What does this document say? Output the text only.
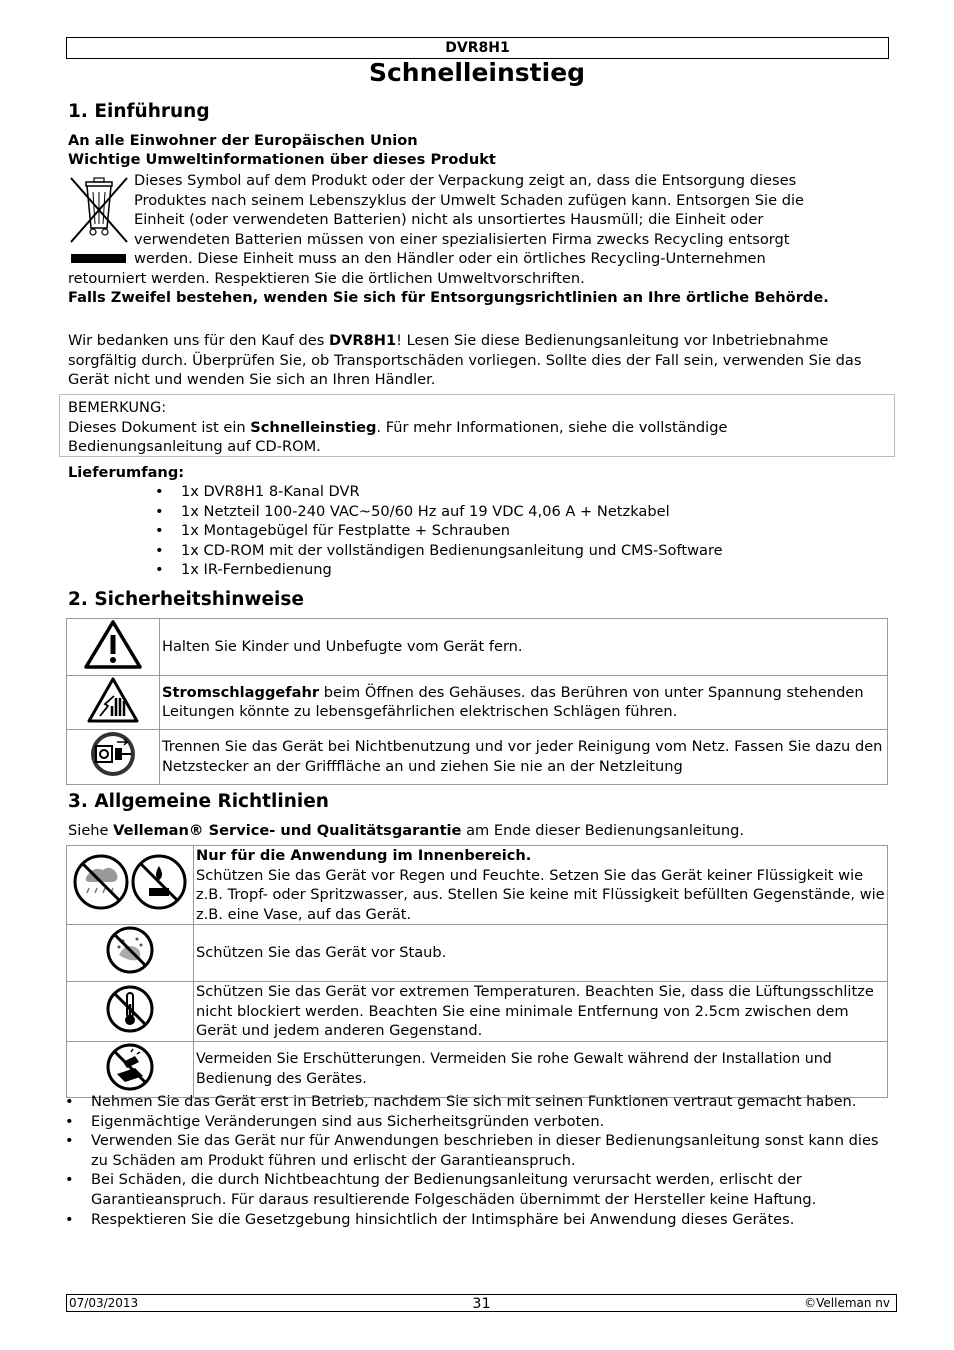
DVR8H1
Schnelleinstieg
1. Einführung

An alle Einwohner der Europäischen Union

Wichtige Umweltinformationen über dieses Produkt

Dieses Symbol auf dem Produkt oder der Verpackung zeigt an, dass die Entsorgung dieses

Produktes nach seinem Lebenszyklus der Umwelt Schaden zufügen kann. Entsorgen Sie die

Einheit (oder verwendeten Batterien) nicht als unsortiertes Hausmüll; die Einheit oder

verwendeten Batterien müssen von einer spezialisierten Firma zwecks Recycling entsorgt

werden. Diese Einheit muss an den Händler oder ein örtliches Recycling-Unternehmen

retourniert werden. Respektieren Sie die örtlichen Umweltvorschriften.

Falls Zweifel bestehen, wenden Sie sich für Entsorgungsrichtlinien an Ihre örtliche Behörde.

Wir bedanken uns für den Kauf des DVR8H1! Lesen Sie diese Bedienungsanleitung vor Inbetriebnahme sorgfältig durch. Überprüfen Sie, ob Transportschäden vorliegen. Sollte dies der Fall sein, verwenden Sie das Gerät nicht und wenden Sie sich an Ihren Händler.

BEMERKUNG:

Dieses Dokument ist ein Schnelleinstieg. Für mehr Informationen, siehe die vollständige Bedienungsanleitung auf CD-ROM.

Lieferumfang:

• 1x DVR8H1 8-Kanal DVR
• 1x Netzteil 100-240 VAC~50/60 Hz auf 19 VDC 4,06 A + Netzkabel
• 1x Montagebügel für Festplatte + Schrauben
• 1x CD-ROM mit der vollständigen Bedienungsanleitung und CMS-Software
• 1x IR-Fernbedienung
2. Sicherheitshinweise
	Halten Sie Kinder und Unbefugte vom Gerät fern.
	Stromschlaggefahr beim Öffnen des Gehäuses. das Berühren von unter Spannung stehenden Leitungen könnte zu lebensgefährlichen elektrischen Schlägen führen.
	Trennen Sie das Gerät bei Nichtbenutzung und vor jeder Reinigung vom Netz. Fassen Sie dazu den Netzstecker an der Grifffläche an und ziehen Sie nie an der Netzleitung
3. Allgemeine Richtlinien

Siehe Velleman® Service- und Qualitätsgarantie am Ende dieser Bedienungsanleitung.

	Nur für die Anwendung im Innenbereich.
Schützen Sie das Gerät vor Regen und Feuchte. Setzen Sie das Gerät keiner Flüssigkeit wie z.B. Tropf- oder Spritzwasser, aus. Stellen Sie keine mit Flüssigkeit befüllten Gegenstände, wie z.B. eine Vase, auf das Gerät.
	Schützen Sie das Gerät vor Staub.
	Schützen Sie das Gerät vor extremen Temperaturen. Beachten Sie, dass die Lüftungsschlitze nicht blockiert werden. Beachten Sie eine minimale Entfernung von 2.5cm zwischen dem Gerät und jedem anderen Gegenstand.
	Vermeiden Sie Erschütterungen. Vermeiden Sie rohe Gewalt während der Installation und Bedienung des Gerätes.
• Nehmen Sie das Gerät erst in Betrieb, nachdem Sie sich mit seinen Funktionen vertraut gemacht haben.
• Eigenmächtige Veränderungen sind aus Sicherheitsgründen verboten.
• Verwenden Sie das Gerät nur für Anwendungen beschrieben in dieser Bedienungsanleitung sonst kann dies zu Schäden am Produkt führen und erlischt der Garantieanspruch.
• Bei Schäden, die durch Nichtbeachtung der Bedienungsanleitung verursacht werden, erlischt der Garantieanspruch. Für daraus resultierende Folgeschäden übernimmt der Hersteller keine Haftung.
• Respektieren Sie die Gesetzgebung hinsichtlich der Intimsphäre bei Anwendung dieses Gerätes.
07/03/2013	31	©Velleman nv
